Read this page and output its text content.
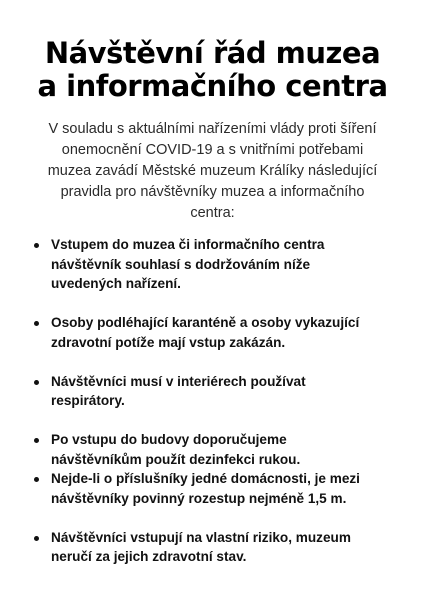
Návštěvní řád muzea
a informačního centra

V souladu s aktuálními nařízeními vlády proti šíření
onemocnění COVID-19 a s vnitřními potřebami
muzea zavádí Městské muzeum Králíky následující
pravidla pro návštěvníky muzea a informačního
centra:

Vstupem do muzea či informačního centra
návštěvník souhlasí s dodržováním níže
uvedených nařízení.
Osoby podléhající karanténě a osoby vykazující
zdravotní potíže mají vstup zakázán.
Návštěvníci musí v interiérech používat
respirátory.
Po vstupu do budovy doporučujeme
návštěvníkům použít dezinfekci rukou.
Nejde-li o příslušníky jedné domácnosti, je mezi
návštěvníky povinný rozestup nejméně 1,5 m.
Návštěvníci vstupují na vlastní riziko, muzeum
neručí za jejich zdravotní stav.
